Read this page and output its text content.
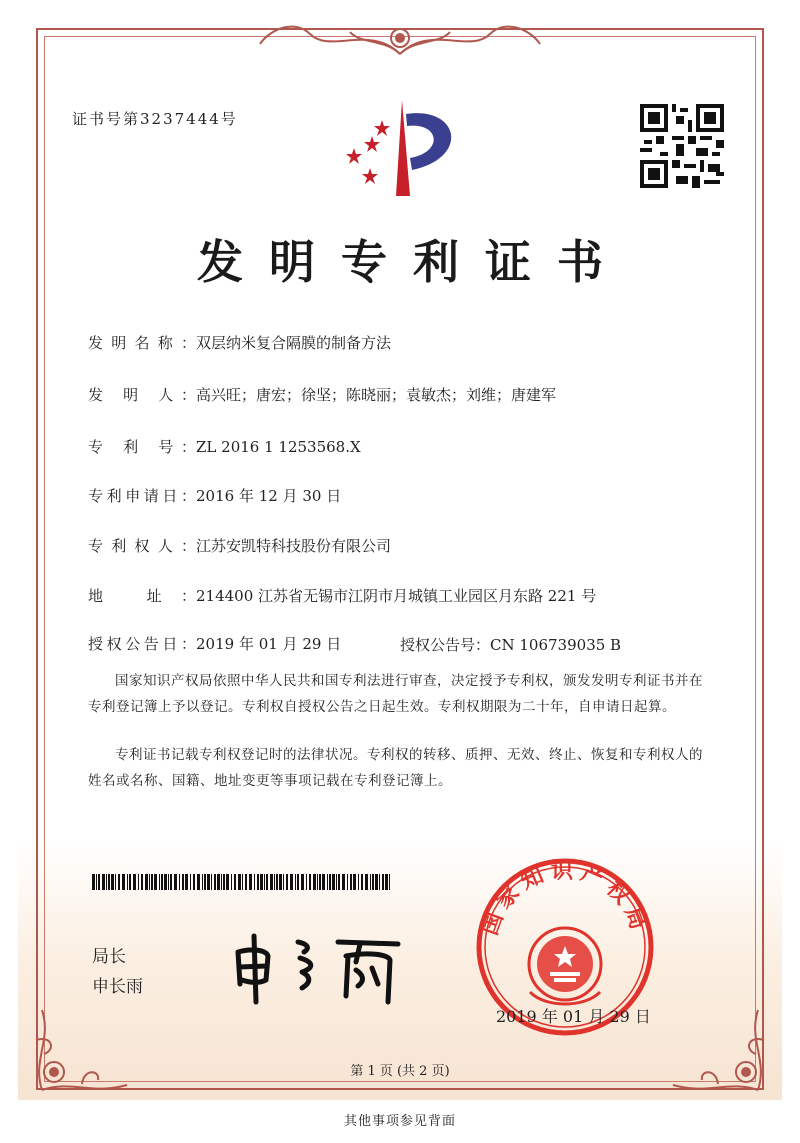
证书号第3237444号
发明专利证书
发明名称：双层纳米复合隔膜的制备方法
发 明 人：高兴旺；唐宏；徐坚；陈晓丽；袁敏杰；刘维；唐建军
专 利 号：ZL 2016 1 1253568.X
专利申请日：2016 年 12 月 30 日
专利权人：江苏安凯特科技股份有限公司
地 址：214400 江苏省无锡市江阴市月城镇工业园区月东路 221 号
授权公告日：2019 年 01 月 29 日	授权公告号：CN 106739035 B
国家知识产权局依照中华人民共和国专利法进行审查，决定授予专利权，颁发发明专利证书并在专利登记簿上予以登记。专利权自授权公告之日起生效。专利权期限为二十年，自申请日起算。
专利证书记载专利权登记时的法律状况。专利权的转移、质押、无效、终止、恢复和专利权人的姓名或名称、国籍、地址变更等事项记载在专利登记簿上。
局长
申长雨
国家知识产权局
2019 年 01 月 29 日
第 1 页 (共 2 页)
其他事项参见背面
